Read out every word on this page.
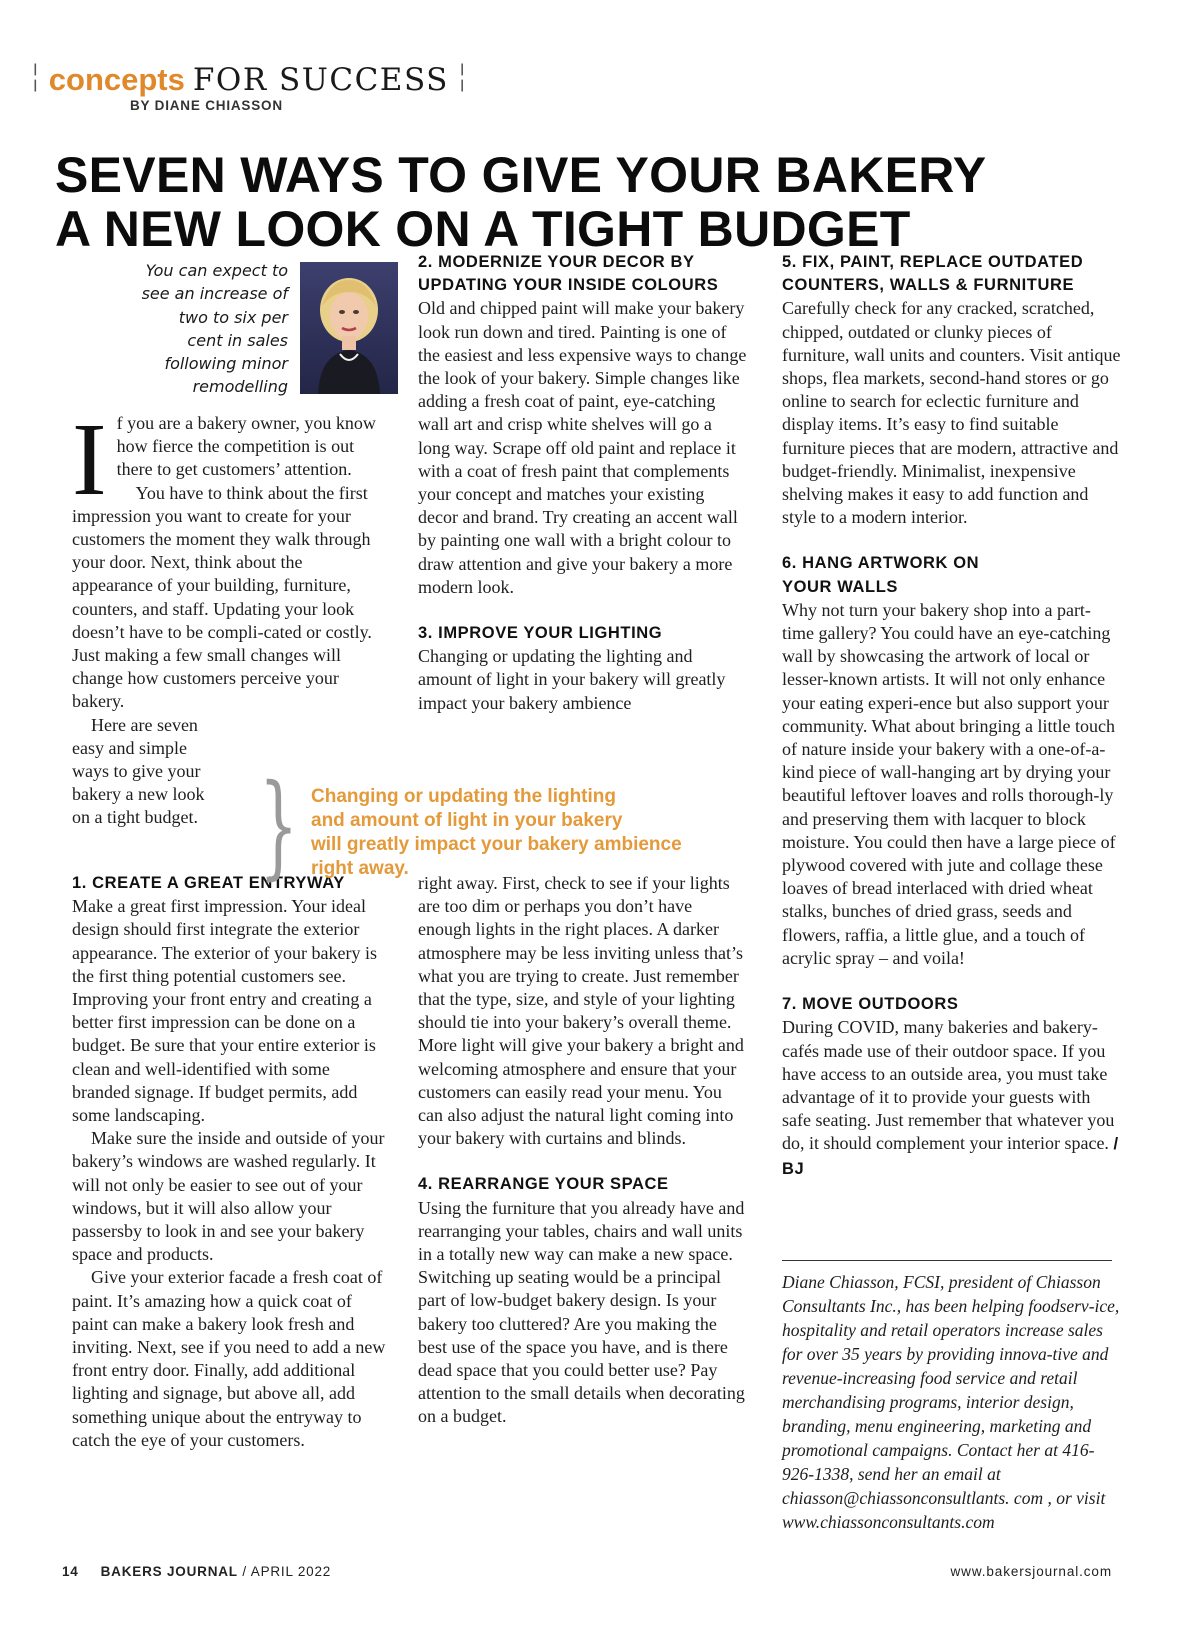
¦ concepts FOR SUCCESS ¦
BY DIANE CHIASSON
SEVEN WAYS TO GIVE YOUR BAKERY
A NEW LOOK ON A TIGHT BUDGET
You can expect to
see an increase of
two to six per
cent in sales
following minor
remodelling

If you are a bakery owner, you know how fierce the competition is out there to get customers’ attention.

You have to think about the first impression you want to create for your customers the moment they walk through your door. Next, think about the appearance of your building, furniture, counters, and staff. Updating your look doesn’t have to be compli-cated or costly. Just making a few small changes will change how customers perceive your bakery.

Here are seven
easy and simple
ways to give your
bakery a new look
on a tight budget.

1. CREATE A GREAT ENTRYWAY

Make a great first impression. Your ideal design should first integrate the exterior appearance. The exterior of your bakery is the first thing potential customers see. Improving your front entry and creating a better first impression can be done on a budget. Be sure that your entire exterior is clean and well-identified with some branded signage. If budget permits, add some landscaping.

Make sure the inside and outside of your bakery’s windows are washed regularly. It will not only be easier to see out of your windows, but it will also allow your passersby to look in and see your bakery space and products.

Give your exterior facade a fresh coat of paint. It’s amazing how a quick coat of paint can make a bakery look fresh and inviting. Next, see if you need to add a new front entry door. Finally, add additional lighting and signage, but above all, add something unique about the entryway to catch the eye of your customers.

2. MODERNIZE YOUR DECOR BY UPDATING YOUR INSIDE COLOURS

Old and chipped paint will make your bakery look run down and tired. Painting is one of the easiest and less expensive ways to change the look of your bakery. Simple changes like adding a fresh coat of paint, eye-catching wall art and crisp white shelves will go a long way. Scrape off old paint and replace it with a coat of fresh paint that complements your concept and matches your existing decor and brand. Try creating an accent wall by painting one wall with a bright colour to draw attention and give your bakery a more modern look.

3. IMPROVE YOUR LIGHTING

Changing or updating the lighting and amount of light in your bakery will greatly impact your bakery ambience

} Changing or updating the lighting
and amount of light in your bakery
will greatly impact your bakery ambience
right away.

right away. First, check to see if your lights are too dim or perhaps you don’t have enough lights in the right places. A darker atmosphere may be less inviting unless that’s what you are trying to create. Just remember that the type, size, and style of your lighting should tie into your bakery’s overall theme. More light will give your bakery a bright and welcoming atmosphere and ensure that your customers can easily read your menu. You can also adjust the natural light coming into your bakery with curtains and blinds.

4. REARRANGE YOUR SPACE

Using the furniture that you already have and rearranging your tables, chairs and wall units in a totally new way can make a new space. Switching up seating would be a principal part of low-budget bakery design. Is your bakery too cluttered? Are you making the best use of the space you have, and is there dead space that you could better use? Pay attention to the small details when decorating on a budget.

5. FIX, PAINT, REPLACE OUTDATED COUNTERS, WALLS & FURNITURE

Carefully check for any cracked, scratched, chipped, outdated or clunky pieces of furniture, wall units and counters. Visit antique shops, flea markets, second-hand stores or go online to search for eclectic furniture and display items. It’s easy to find suitable furniture pieces that are modern, attractive and budget-friendly. Minimalist, inexpensive shelving makes it easy to add function and style to a modern interior.

6. HANG ARTWORK ON YOUR WALLS

Why not turn your bakery shop into a part-time gallery? You could have an eye-catching wall by showcasing the artwork of local or lesser-known artists. It will not only enhance your eating experi-ence but also support your community. What about bringing a little touch of nature inside your bakery with a one-of-a-kind piece of wall-hanging art by drying your beautiful leftover loaves and rolls thorough-ly and preserving them with lacquer to block moisture. You could then have a large piece of plywood covered with jute and collage these loaves of bread interlaced with dried wheat stalks, bunches of dried grass, seeds and flowers, raffia, a little glue, and a touch of acrylic spray – and voila!

7. MOVE OUTDOORS

During COVID, many bakeries and bakery-cafés made use of their outdoor space. If you have access to an outside area, you must take advantage of it to provide your guests with safe seating. Just remember that whatever you do, it should complement your interior space. / BJ

Diane Chiasson, FCSI, president of Chiasson Consultants Inc., has been helping foodserv-ice, hospitality and retail operators increase sales for over 35 years by providing innova-tive and revenue-increasing food service and retail merchandising programs, interior design, branding, menu engineering, marketing and promotional campaigns. Contact her at 416-926-1338, send her an email at chiasson@chiassonconsultlants. com , or visit www.chiassonconsultants.com
14 BAKERS JOURNAL / APRIL 2022	www.bakersjournal.com
